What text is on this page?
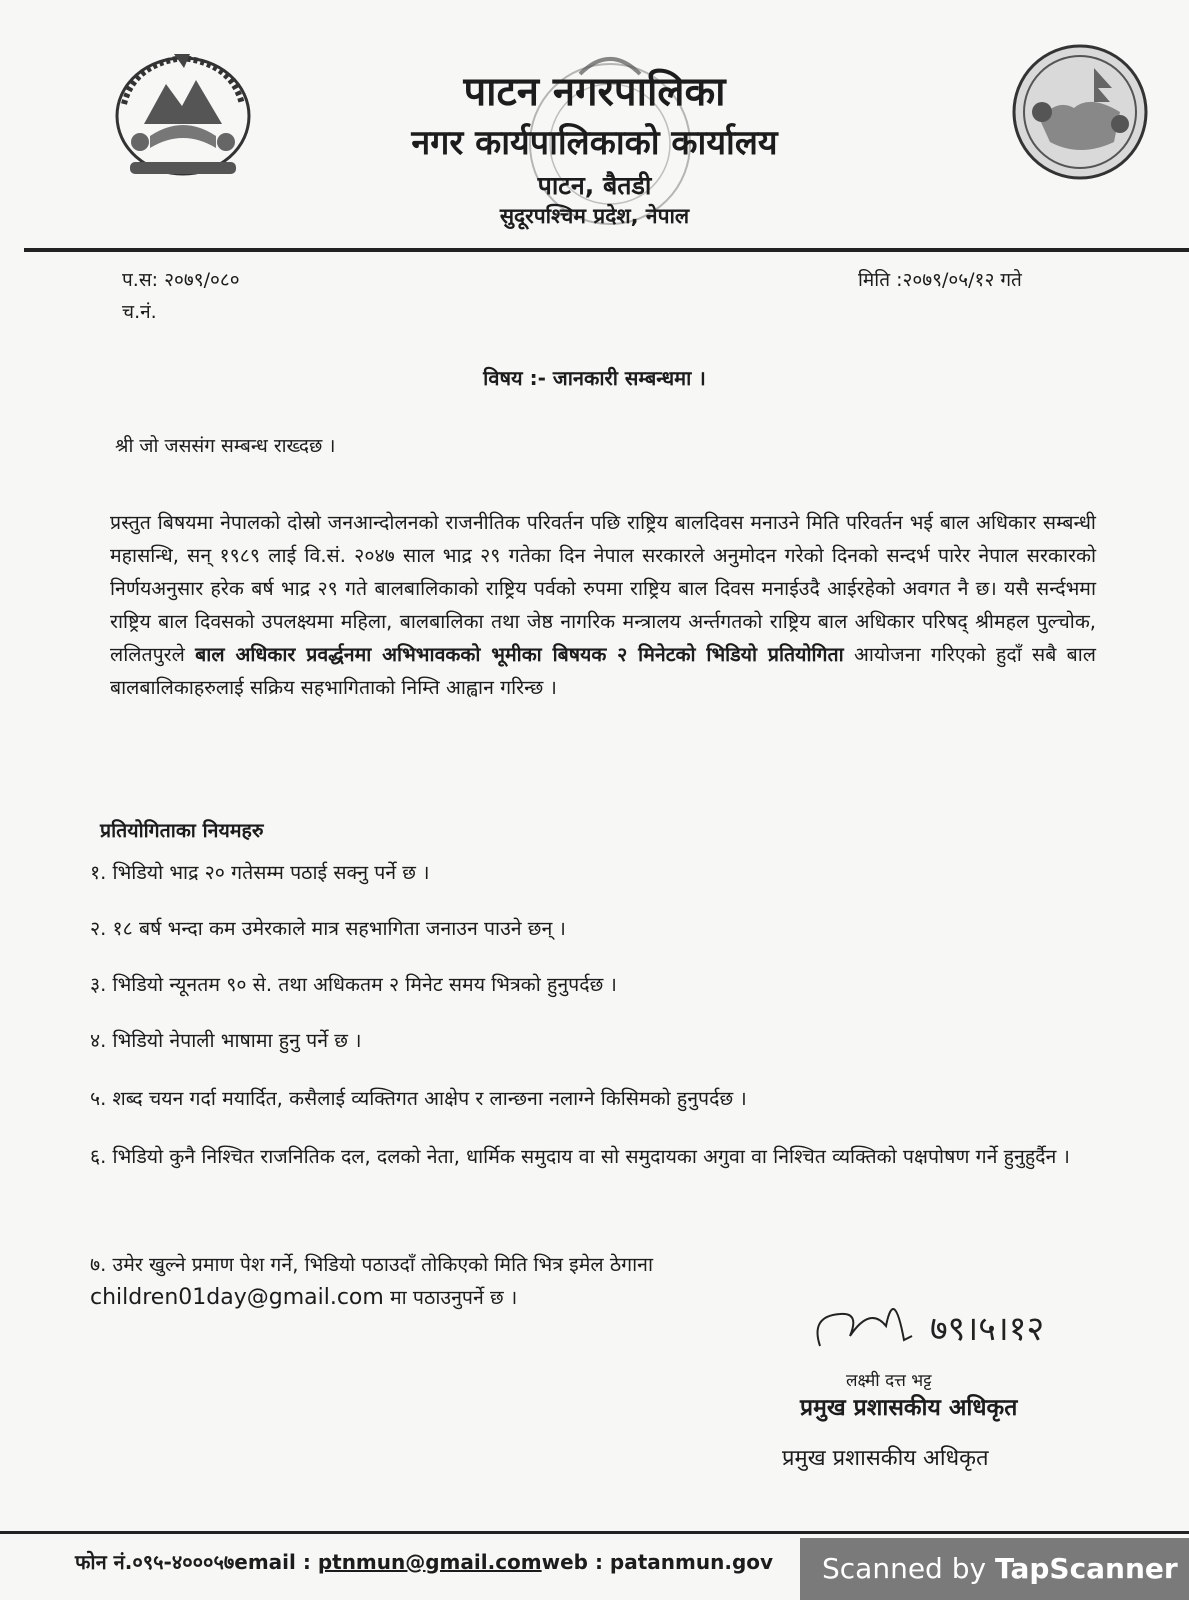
पाटन नगरपालिका
नगर कार्यपालिकाको कार्यालय
पाटन, बैतडी
सुदूरपश्चिम प्रदेश, नेपाल
प.स: २०७९/०८०
च.नं.
मिति :२०७९/०५/१२ गते
विषय :- जानकारी सम्बन्धमा ।
श्री जो जससंग सम्बन्ध राख्दछ ।
प्रस्तुत बिषयमा नेपालको दोस्रो जनआन्दोलनको राजनीतिक परिवर्तन पछि राष्ट्रिय बालदिवस मनाउने मिति परिवर्तन भई बाल अधिकार सम्बन्धी महासन्धि, सन् १९८९ लाई वि.सं. २०४७ साल भाद्र २९ गतेका दिन नेपाल सरकारले अनुमोदन गरेको दिनको सन्दर्भ पारेर नेपाल सरकारको निर्णयअनुसार हरेक बर्ष भाद्र २९ गते बालबालिकाको राष्ट्रिय पर्वको रुपमा राष्ट्रिय बाल दिवस मनाईउदै आईरहेको अवगत नै छ। यसै सर्न्दभमा राष्ट्रिय बाल दिवसको उपलक्ष्यमा महिला, बालबालिका तथा जेष्ठ नागरिक मन्त्रालय अर्न्तगतको राष्ट्रिय बाल अधिकार परिषद् श्रीमहल पुल्चोक, ललितपुरले बाल अधिकार प्रवर्द्धनमा अभिभावकको भूमीका बिषयक २ मिनेटको भिडियो प्रतियोगिता आयोजना गरिएको हुदाँ सबै बाल बालबालिकाहरुलाई सक्रिय सहभागिताको निम्ति आह्वान गरिन्छ ।
प्रतियोगिताका नियमहरु
१. भिडियो भाद्र २० गतेसम्म पठाई सक्नु पर्ने छ ।
२. १८ बर्ष भन्दा कम उमेरकाले मात्र सहभागिता जनाउन पाउने छन् ।
३. भिडियो न्यूनतम ९० से. तथा अधिकतम २ मिनेट समय भित्रको हुनुपर्दछ ।
४. भिडियो नेपाली भाषामा हुनु पर्ने छ ।
५. शब्द चयन गर्दा मयार्दित, कसैलाई व्यक्तिगत आक्षेप र लान्छना नलाग्ने किसिमको हुनुपर्दछ ।
६. भिडियो कुनै निश्चित राजनितिक दल, दलको नेता, धार्मिक समुदाय वा सो समुदायका अगुवा वा निश्चित व्यक्तिको पक्षपोषण गर्ने हुनुहुर्दैन ।
७. उमेर खुल्ने प्रमाण पेश गर्ने, भिडियो पठाउदाँ तोकिएको मिति भित्र इमेल ठेगाना
children01day@gmail.com मा पठाउनुपर्ने छ ।
७९।५।१२
लक्ष्मी दत्त भट्ट
प्रमुख प्रशासकीय अधिकृत
प्रमुख प्रशासकीय अधिकृत
फोन नं.०९५-४०००५७email : ptnmun@gmail.comweb : patanmun.gov	Scanned by TapScanner
